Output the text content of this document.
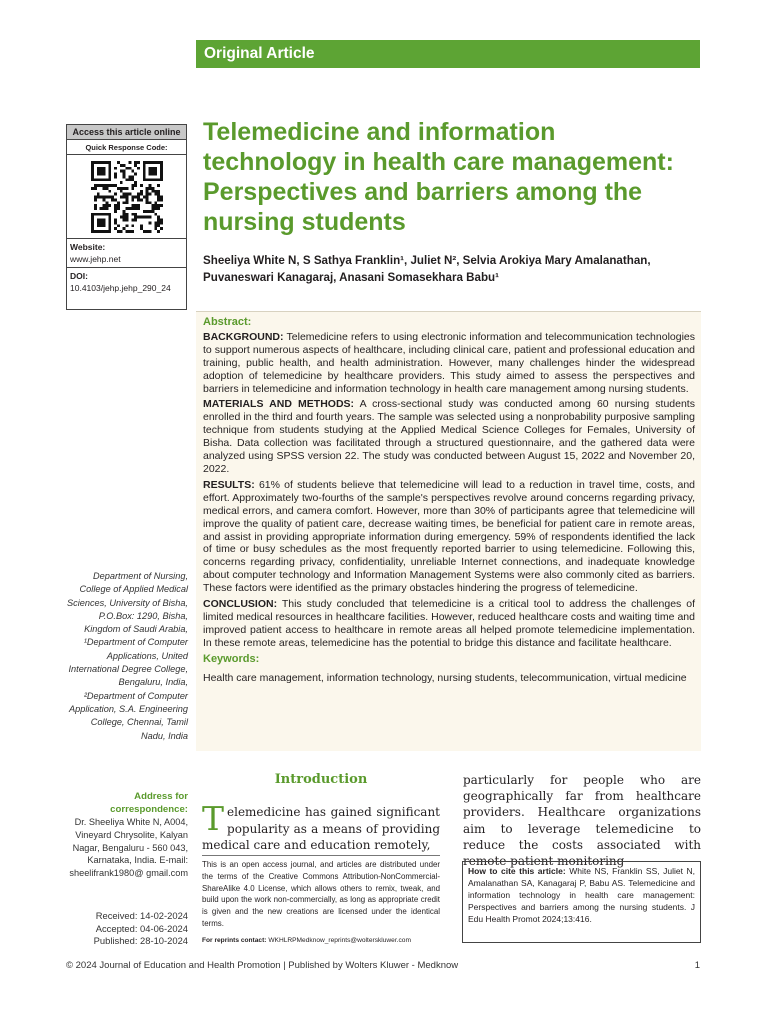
Original Article
Access this article online
Quick Response Code:
Website:
www.jehp.net
DOI:
10.4103/jehp.jehp_290_24
Telemedicine and information technology in health care management: Perspectives and barriers among the nursing students
Sheeliya White N, S Sathya Franklin¹, Juliet N², Selvia Arokiya Mary Amalanathan, Puvaneswari Kanagaraj, Anasani Somasekhara Babu¹
Abstract:

BACKGROUND: Telemedicine refers to using electronic information and telecommunication technologies to support numerous aspects of healthcare, including clinical care, patient and professional education and training, public health, and health administration. However, many challenges hinder the widespread adoption of telemedicine by healthcare providers. This study aimed to assess the perspectives and barriers in telemedicine and information technology in health care management among nursing students.

MATERIALS AND METHODS: A cross-sectional study was conducted among 60 nursing students enrolled in the third and fourth years. The sample was selected using a nonprobability purposive sampling technique from students studying at the Applied Medical Science Colleges for Females, University of Bisha. Data collection was facilitated through a structured questionnaire, and the gathered data were analyzed using SPSS version 22. The study was conducted between August 15, 2022 and November 20, 2022.

RESULTS: 61% of students believe that telemedicine will lead to a reduction in travel time, costs, and effort. Approximately two-fourths of the sample's perspectives revolve around concerns regarding privacy, medical errors, and camera comfort. However, more than 30% of participants agree that telemedicine will improve the quality of patient care, decrease waiting times, be beneficial for patient care in remote areas, and assist in providing appropriate information during emergency. 59% of respondents identified the lack of time or busy schedules as the most frequently reported barrier to using telemedicine. Following this, concerns regarding privacy, confidentiality, unreliable Internet connections, and inadequate knowledge about computer technology and Information Management Systems were also commonly cited as barriers. These factors were identified as the primary obstacles hindering the progress of telemedicine.

CONCLUSION: This study concluded that telemedicine is a critical tool to address the challenges of limited medical resources in healthcare facilities. However, reduced healthcare costs and waiting time and improved patient access to healthcare in remote areas all helped promote telemedicine implementation. In these remote areas, telemedicine has the potential to bridge this distance and facilitate healthcare.

Keywords:
Health care management, information technology, nursing students, telecommunication, virtual medicine
Department of Nursing, College of Applied Medical Sciences, University of Bisha, P.O.Box: 1290, Bisha, Kingdom of Saudi Arabia, ¹Department of Computer Applications, United International Degree College, Bengaluru, India, ²Department of Computer Application, S.A. Engineering College, Chennai, Tamil Nadu, India
Address for correspondence:
Dr. Sheeliya White N, A004, Vineyard Chrysolite, Kalyan Nagar, Bengaluru - 560 043, Karnataka, India. E-mail: sheelifrank1980@ gmail.com
Received: 14-02-2024
Accepted: 04-06-2024
Published: 28-10-2024
Introduction
Telemedicine has gained significant popularity as a means of providing medical care and education remotely,
particularly for people who are geographically far from healthcare providers. Healthcare organizations aim to leverage telemedicine to reduce the costs associated with remote patient monitoring
This is an open access journal, and articles are distributed under the terms of the Creative Commons Attribution-NonCommercial-ShareAlike 4.0 License, which allows others to remix, tweak, and build upon the work non-commercially, as long as appropriate credit is given and the new creations are licensed under the identical terms.
For reprints contact: WKHLRPMedknow_reprints@wolterskluwer.com
How to cite this article: White NS, Franklin SS, Juliet N, Amalanathan SA, Kanagaraj P, Babu AS. Telemedicine and information technology in health care management: Perspectives and barriers among the nursing students. J Edu Health Promot 2024;13:416.
© 2024 Journal of Education and Health Promotion | Published by Wolters Kluwer - Medknow	1
